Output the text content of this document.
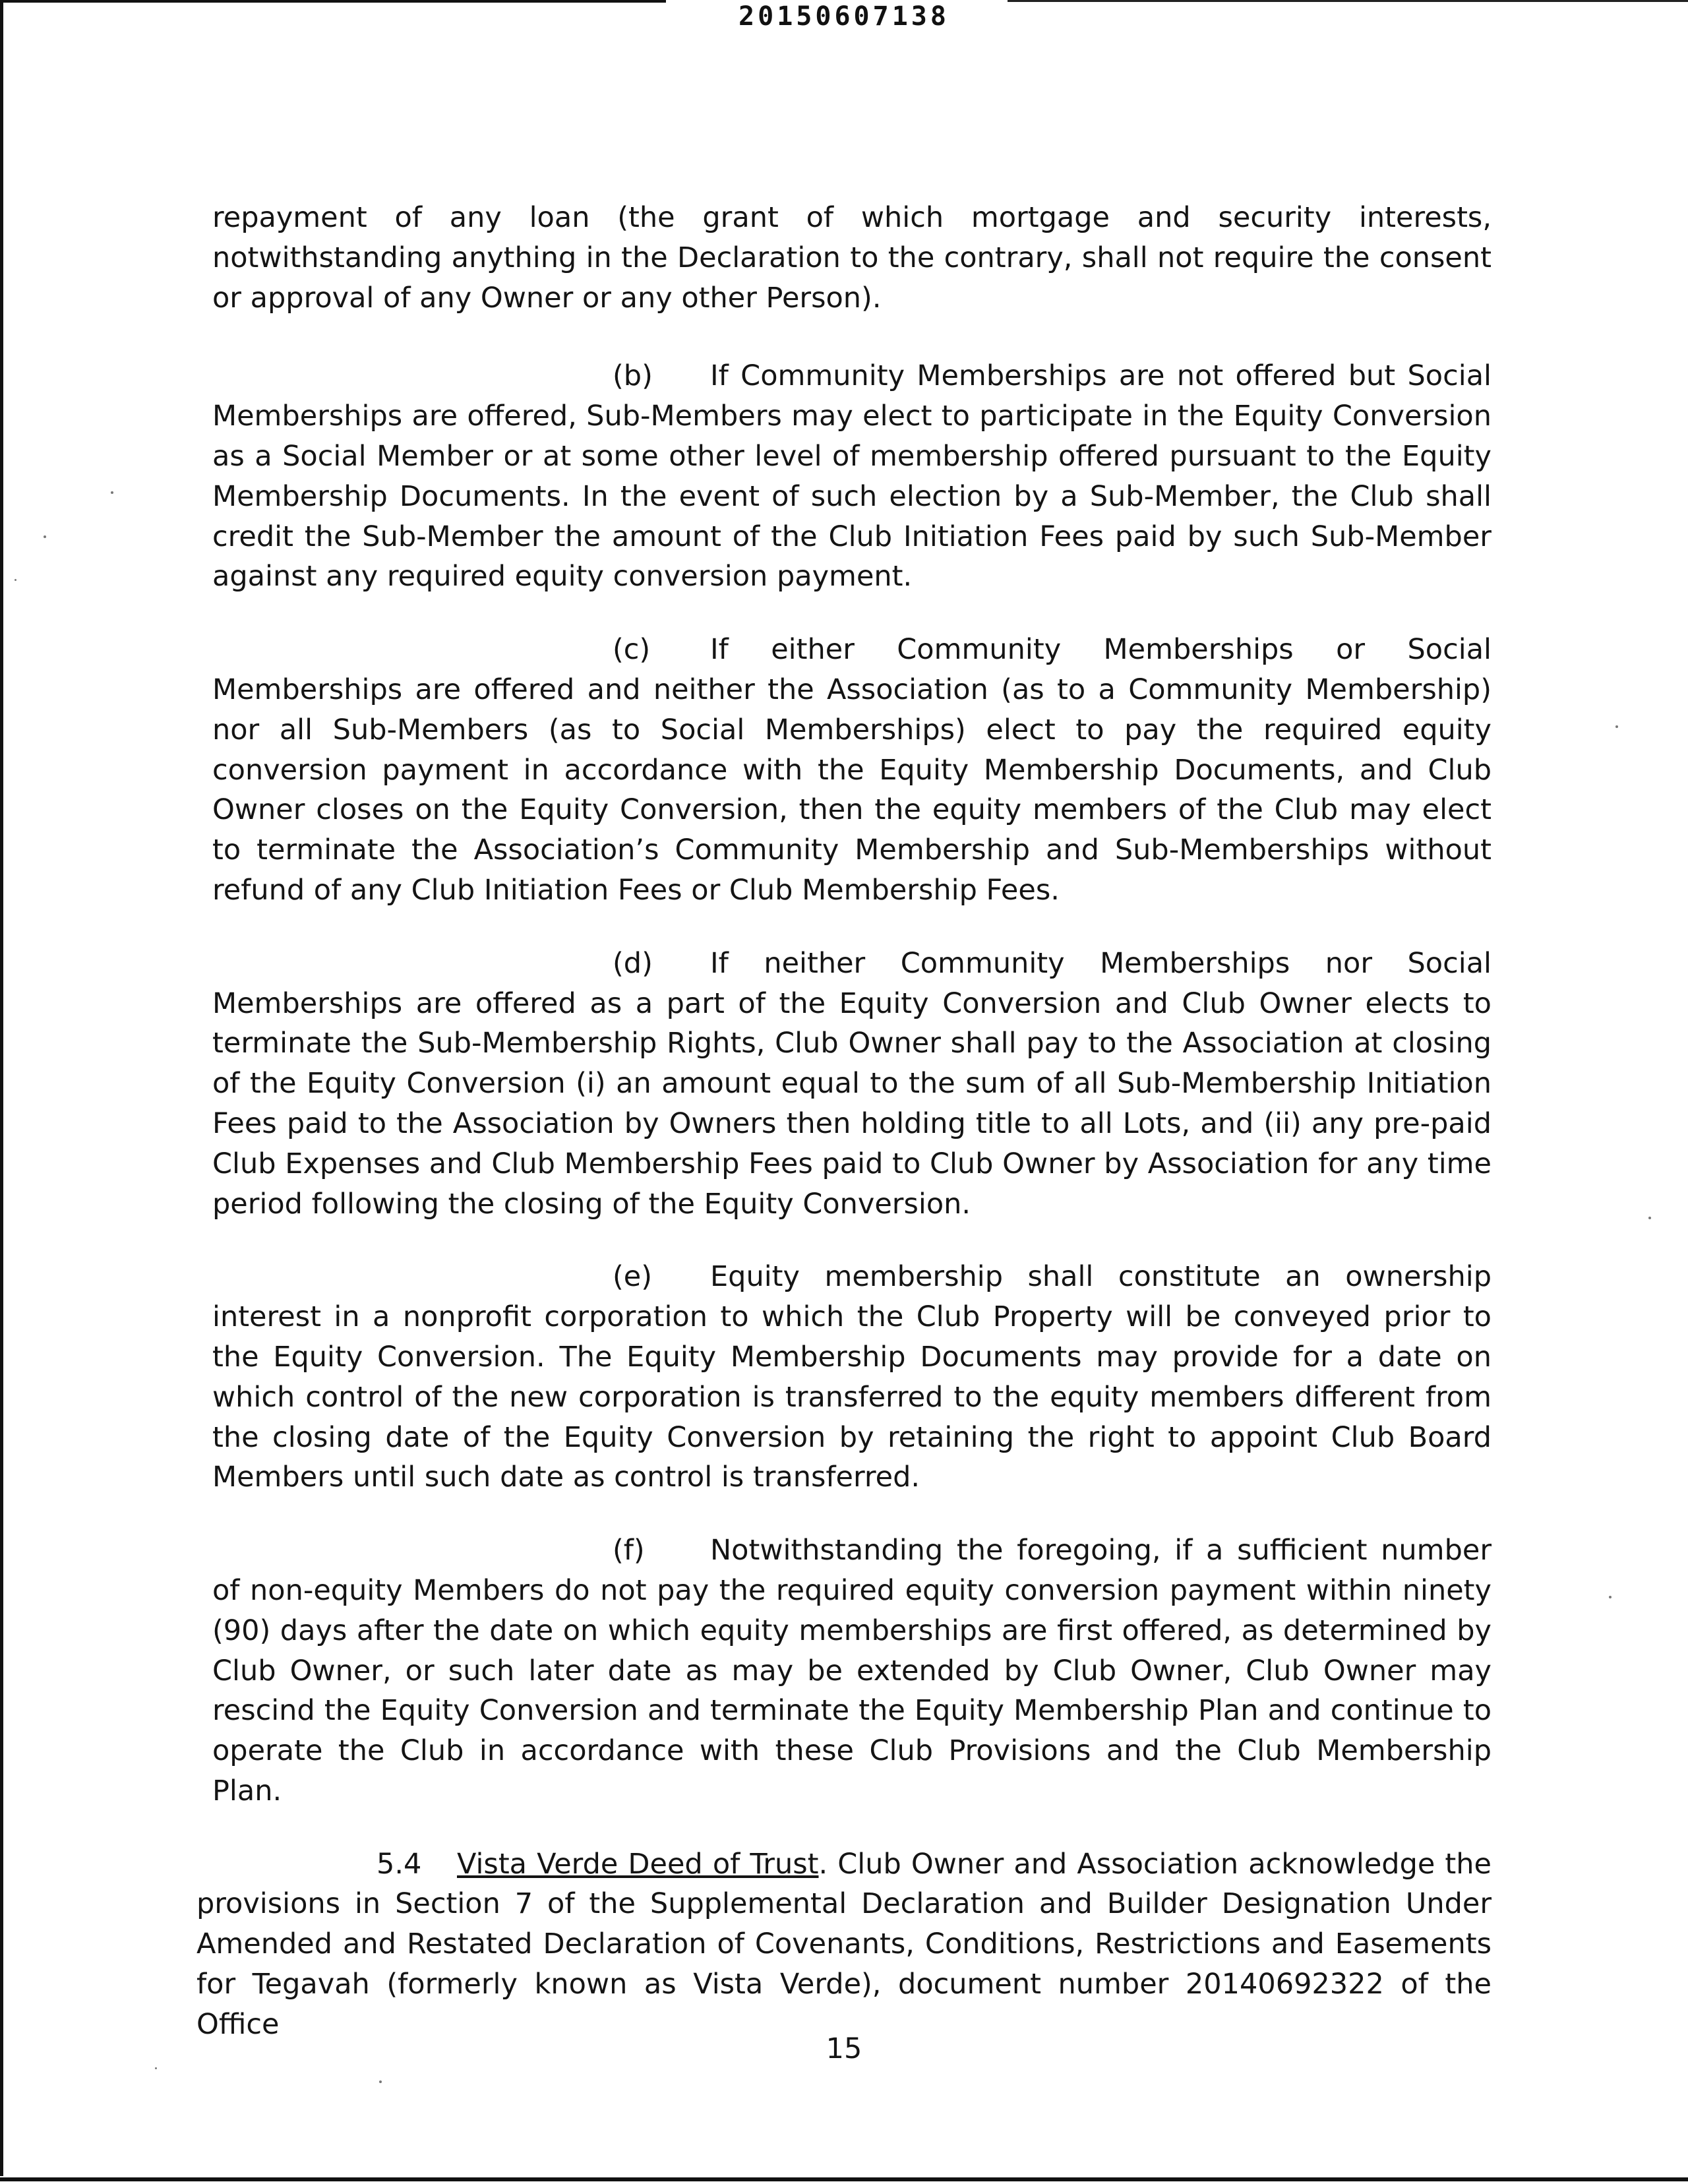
20150607138

repayment of any loan (the grant of which mortgage and security interests, notwithstanding anything in the Declaration to the contrary, shall not require the consent or approval of any Owner or any other Person).

(b) If Community Memberships are not offered but Social Memberships are offered, Sub-Members may elect to participate in the Equity Conversion as a Social Member or at some other level of membership offered pursuant to the Equity Membership Documents. In the event of such election by a Sub-Member, the Club shall credit the Sub-Member the amount of the Club Initiation Fees paid by such Sub-Member against any required equity conversion payment.

(c) If either Community Memberships or Social Memberships are offered and neither the Association (as to a Community Membership) nor all Sub-Members (as to Social Memberships) elect to pay the required equity conversion payment in accordance with the Equity Membership Documents, and Club Owner closes on the Equity Conversion, then the equity members of the Club may elect to terminate the Association’s Community Membership and Sub-Memberships without refund of any Club Initiation Fees or Club Membership Fees.

(d) If neither Community Memberships nor Social Memberships are offered as a part of the Equity Conversion and Club Owner elects to terminate the Sub-Membership Rights, Club Owner shall pay to the Association at closing of the Equity Conversion (i) an amount equal to the sum of all Sub-Membership Initiation Fees paid to the Association by Owners then holding title to all Lots, and (ii) any pre-paid Club Expenses and Club Membership Fees paid to Club Owner by Association for any time period following the closing of the Equity Conversion.

(e) Equity membership shall constitute an ownership interest in a nonprofit corporation to which the Club Property will be conveyed prior to the Equity Conversion. The Equity Membership Documents may provide for a date on which control of the new corporation is transferred to the equity members different from the closing date of the Equity Conversion by retaining the right to appoint Club Board Members until such date as control is transferred.

(f) Notwithstanding the foregoing, if a sufficient number of non-equity Members do not pay the required equity conversion payment within ninety (90) days after the date on which equity memberships are first offered, as determined by Club Owner, or such later date as may be extended by Club Owner, Club Owner may rescind the Equity Conversion and terminate the Equity Membership Plan and continue to operate the Club in accordance with these Club Provisions and the Club Membership Plan.

5.4 Vista Verde Deed of Trust. Club Owner and Association acknowledge the provisions in Section 7 of the Supplemental Declaration and Builder Designation Under Amended and Restated Declaration of Covenants, Conditions, Restrictions and Easements for Tegavah (formerly known as Vista Verde), document number 20140692322 of the Office

15
